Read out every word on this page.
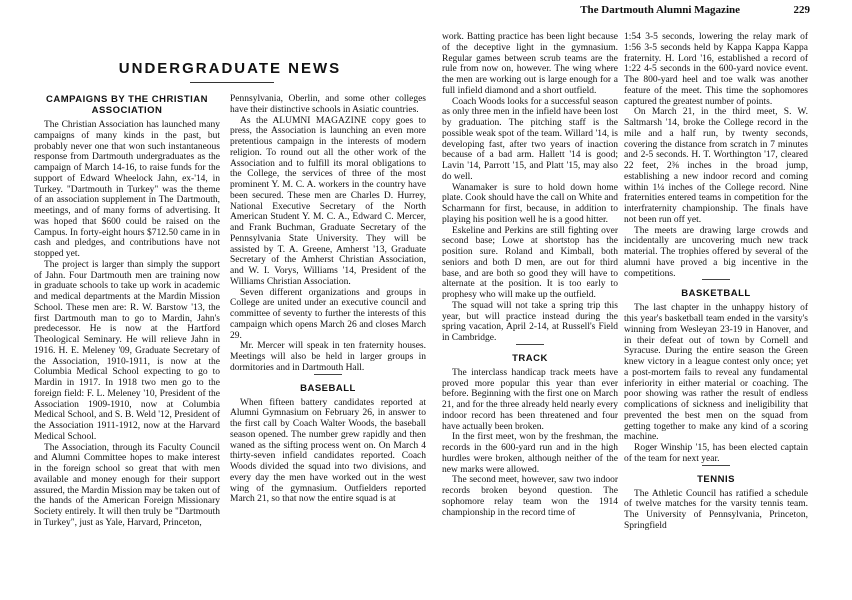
The Dartmouth Alumni Magazine	229
UNDERGRADUATE NEWS
CAMPAIGNS BY THE CHRISTIAN ASSOCIATION

The Christian Association has launched many campaigns of many kinds in the past, but probably never one that won such instantaneous response from Dartmouth undergraduates as the campaign of March 14-16, to raise funds for the support of Edward Wheelock Jahn, ex-'14, in Turkey. "Dartmouth in Turkey" was the theme of an association supplement in The Dartmouth, meetings, and of many forms of advertising. It was hoped that $600 could be raised on the Campus. In forty-eight hours $712.50 came in in cash and pledges, and contributions have not stopped yet.

The project is larger than simply the support of Jahn. Four Dartmouth men are training now in graduate schools to take up work in academic and medical departments at the Mardin Mission School. These men are: R. W. Barstow '13, the first Dartmouth man to go to Mardin, Jahn's predecessor. He is now at the Hartford Theological Seminary. He will relieve Jahn in 1916. H. E. Meleney '09, Graduate Secretary of the Association, 1910-1911, is now at the Columbia Medical School expecting to go to Mardin in 1917. In 1918 two men go to the foreign field: F. L. Meleney '10, President of the Association 1909-1910, now at Columbia Medical School, and S. B. Weld '12, President of the Association 1911-1912, now at the Harvard Medical School.

The Association, through its Faculty Council and Alumni Committee hopes to make interest in the foreign school so great that with men available and money enough for their support assured, the Mardin Mission may be taken out of the hands of the American Foreign Missionary Society entirely. It will then truly be "Dartmouth in Turkey", just as Yale, Harvard, Princeton,

Pennsylvania, Oberlin, and some other colleges have their distinctive schools in Asiatic countries.

As the ALUMNI MAGAZINE copy goes to press, the Association is launching an even more pretentious campaign in the interests of modern religion. To round out all the other work of the Association and to fulfill its moral obligations to the College, the services of three of the most prominent Y. M. C. A. workers in the country have been secured. These men are Charles D. Hurrey, National Executive Secretary of the North American Student Y. M. C. A., Edward C. Mercer, and Frank Buchman, Graduate Secretary of the Pennsylvania State University. They will be assisted by T. A. Greene, Amherst '13, Graduate Secretary of the Amherst Christian Association, and W. I. Vorys, Williams '14, President of the Williams Christian Association.

Seven different organizations and groups in College are united under an executive council and committee of seventy to further the interests of this campaign which opens March 26 and closes March 29.

Mr. Mercer will speak in ten fraternity houses. Meetings will also be held in larger groups in dormitories and in Dartmouth Hall.

BASEBALL

When fifteen battery candidates reported at Alumni Gymnasium on February 26, in answer to the first call by Coach Walter Woods, the baseball season opened. The number grew rapidly and then waned as the sifting process went on. On March 4 thirty-seven infield candidates reported. Coach Woods divided the squad into two divisions, and every day the men have worked out in the west wing of the gymnasium. Outfielders reported March 21, so that now the entire squad is at

work. Batting practice has been light because of the deceptive light in the gymnasium. Regular games between scrub teams are the rule from now on, however. The wing where the men are working out is large enough for a full infield diamond and a short outfield.

Coach Woods looks for a successful season as only three men in the infield have been lost by graduation. The pitching staff is the possible weak spot of the team. Willard '14, is developing fast, after two years of inaction because of a bad arm. Hallett '14 is good; Lavin '14, Parrott '15, and Platt '15, may also do well.

Wanamaker is sure to hold down home plate. Cook should have the call on White and Scharmann for first, because, in addition to playing his position well he is a good hitter.

Eskeline and Perkins are still fighting over second base; Lowe at shortstop has the position sure. Roland and Kimball, both seniors and both D men, are out for third base, and are both so good they will have to alternate at the position. It is too early to prophesy who will make up the outfield.

The squad will not take a spring trip this year, but will practice instead during the spring vacation, April 2-14, at Russell's Field in Cambridge.

TRACK

The interclass handicap track meets have proved more popular this year than ever before. Beginning with the first one on March 21, and for the three already held nearly every indoor record has been threatened and four have actually been broken.

In the first meet, won by the freshman, the records in the 600-yard run and in the high hurdles were broken, although neither of the new marks were allowed.

The second meet, however, saw two indoor records broken beyond question. The sophomore relay team won the 1914 championship in the record time of

1:54 3-5 seconds, lowering the relay mark of 1:56 3-5 seconds held by Kappa Kappa Kappa fraternity. H. Lord '16, established a record of 1:22 4-5 seconds in the 600-yard novice event. The 800-yard heel and toe walk was another feature of the meet. This time the sophomores captured the greatest number of points.

On March 21, in the third meet, S. W. Saltmarsh '14, broke the College record in the mile and a half run, by twenty seconds, covering the distance from scratch in 7 minutes and 2-5 seconds. H. T. Worthington '17, cleared 22 feet, 2⅜ inches in the broad jump, establishing a new indoor record and coming within 1¼ inches of the College record. Nine fraternities entered teams in competition for the interfraternity championship. The finals have not been run off yet.

The meets are drawing large crowds and incidentally are uncovering much new track material. The trophies offered by several of the alumni have proved a big incentive in the competitions.

BASKETBALL

The last chapter in the unhappy history of this year's basketball team ended in the varsity's winning from Wesleyan 23-19 in Hanover, and in their defeat out of town by Cornell and Syracuse. During the entire season the Green knew victory in a league contest only once; yet a post-mortem fails to reveal any fundamental inferiority in either material or coaching. The poor showing was rather the result of endless complications of sickness and ineligibility that prevented the best men on the squad from getting together to make any kind of a scoring machine.

Roger Winship '15, has been elected captain of the team for next year.

TENNIS

The Athletic Council has ratified a schedule of twelve matches for the varsity tennis team. The University of Pennsylvania, Princeton, Springfield
